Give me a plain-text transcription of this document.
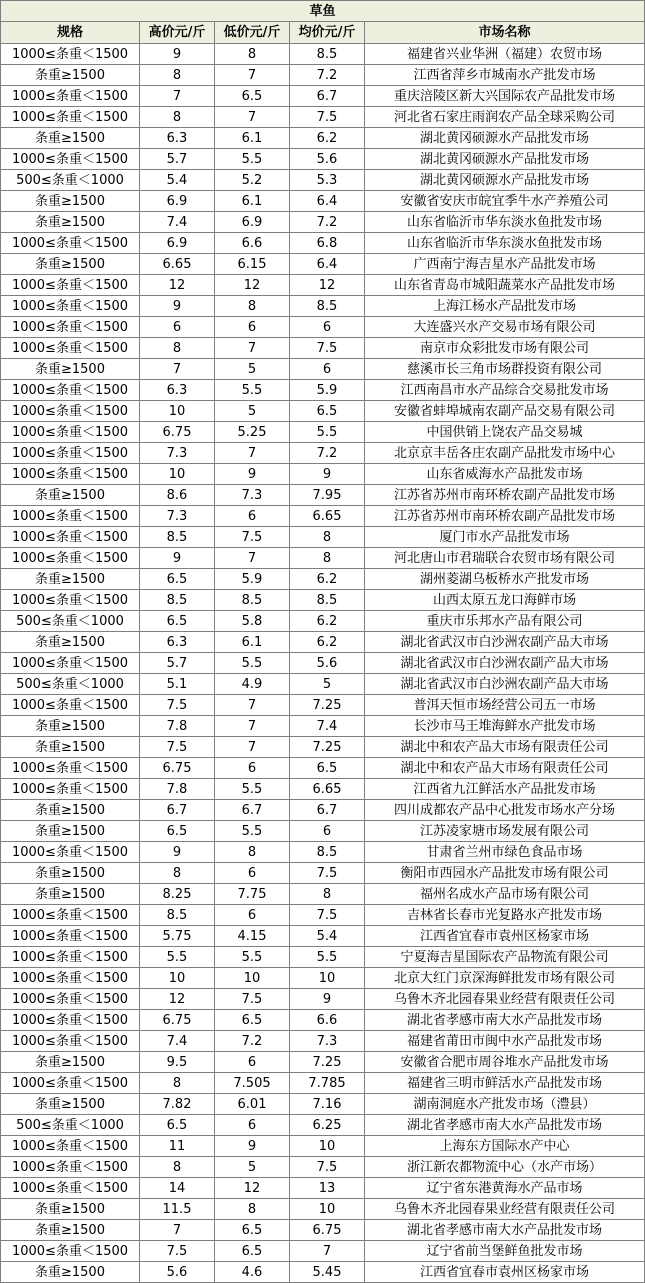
草鱼				
规格	高价元/斤	低价元/斤	均价元/斤	市场名称
1000≤条重＜1500	9	8	8.5	福建省兴业华洲（福建）农贸市场
条重≥1500	8	7	7.2	江西省萍乡市城南水产批发市场
1000≤条重＜1500	7	6.5	6.7	重庆涪陵区新大兴国际农产品批发市场
1000≤条重＜1500	8	7	7.5	河北省石家庄雨润农产品全球采购公司
条重≥1500	6.3	6.1	6.2	湖北黄冈硕源水产品批发市场
1000≤条重＜1500	5.7	5.5	5.6	湖北黄冈硕源水产品批发市场
500≤条重＜1000	5.4	5.2	5.3	湖北黄冈硕源水产品批发市场
条重≥1500	6.9	6.1	6.4	安徽省安庆市皖宜季牛水产养殖公司
条重≥1500	7.4	6.9	7.2	山东省临沂市华东淡水鱼批发市场
1000≤条重＜1500	6.9	6.6	6.8	山东省临沂市华东淡水鱼批发市场
条重≥1500	6.65	6.15	6.4	广西南宁海吉星水产品批发市场
1000≤条重＜1500	12	12	12	山东省青岛市城阳蔬菜水产品批发市场
1000≤条重＜1500	9	8	8.5	上海江杨水产品批发市场
1000≤条重＜1500	6	6	6	大连盛兴水产交易市场有限公司
1000≤条重＜1500	8	7	7.5	南京市众彩批发市场有限公司
条重≥1500	7	5	6	慈溪市长三角市场群投资有限公司
1000≤条重＜1500	6.3	5.5	5.9	江西南昌市水产品综合交易批发市场
1000≤条重＜1500	10	5	6.5	安徽省蚌埠城南农副产品交易有限公司
1000≤条重＜1500	6.75	5.25	5.5	中国供销上饶农产品交易城
1000≤条重＜1500	7.3	7	7.2	北京京丰岳各庄农副产品批发市场中心
1000≤条重＜1500	10	9	9	山东省威海水产品批发市场
条重≥1500	8.6	7.3	7.95	江苏省苏州市南环桥农副产品批发市场
1000≤条重＜1500	7.3	6	6.65	江苏省苏州市南环桥农副产品批发市场
1000≤条重＜1500	8.5	7.5	8	厦门市水产品批发市场
1000≤条重＜1500	9	7	8	河北唐山市君瑞联合农贸市场有限公司
条重≥1500	6.5	5.9	6.2	湖州菱湖乌板桥水产批发市场
1000≤条重＜1500	8.5	8.5	8.5	山西太原五龙口海鲜市场
500≤条重＜1000	6.5	5.8	6.2	重庆市乐邦水产品有限公司
条重≥1500	6.3	6.1	6.2	湖北省武汉市白沙洲农副产品大市场
1000≤条重＜1500	5.7	5.5	5.6	湖北省武汉市白沙洲农副产品大市场
500≤条重＜1000	5.1	4.9	5	湖北省武汉市白沙洲农副产品大市场
1000≤条重＜1500	7.5	7	7.25	普洱天恒市场经营公司五一市场
条重≥1500	7.8	7	7.4	长沙市马王堆海鲜水产批发市场
条重≥1500	7.5	7	7.25	湖北中和农产品大市场有限责任公司
1000≤条重＜1500	6.75	6	6.5	湖北中和农产品大市场有限责任公司
1000≤条重＜1500	7.8	5.5	6.65	江西省九江鲜活水产品批发市场
条重≥1500	6.7	6.7	6.7	四川成都农产品中心批发市场水产分场
条重≥1500	6.5	5.5	6	江苏凌家塘市场发展有限公司
1000≤条重＜1500	9	8	8.5	甘肃省兰州市绿色食品市场
条重≥1500	8	6	7.5	衡阳市西园水产品批发市场有限公司
条重≥1500	8.25	7.75	8	福州名成水产品市场有限公司
1000≤条重＜1500	8.5	6	7.5	吉林省长春市光复路水产批发市场
1000≤条重＜1500	5.75	4.15	5.4	江西省宜春市袁州区杨家市场
1000≤条重＜1500	5.5	5.5	5.5	宁夏海吉星国际农产品物流有限公司
1000≤条重＜1500	10	10	10	北京大红门京深海鲜批发市场有限公司
1000≤条重＜1500	12	7.5	9	乌鲁木齐北园春果业经营有限责任公司
1000≤条重＜1500	6.75	6.5	6.6	湖北省孝感市南大水产品批发市场
1000≤条重＜1500	7.4	7.2	7.3	福建省莆田市闽中水产品批发市场
条重≥1500	9.5	6	7.25	安徽省合肥市周谷堆水产品批发市场
1000≤条重＜1500	8	7.505	7.785	福建省三明市鲜活水产品批发市场
条重≥1500	7.82	6.01	7.16	湖南洞庭水产批发市场（澧县）
500≤条重＜1000	6.5	6	6.25	湖北省孝感市南大水产品批发市场
1000≤条重＜1500	11	9	10	上海东方国际水产中心
1000≤条重＜1500	8	5	7.5	浙江新农都物流中心（水产市场）
1000≤条重＜1500	14	12	13	辽宁省东港黄海水产品市场
条重≥1500	11.5	8	10	乌鲁木齐北园春果业经营有限责任公司
条重≥1500	7	6.5	6.75	湖北省孝感市南大水产品批发市场
1000≤条重＜1500	7.5	6.5	7	辽宁省前当堡鲜鱼批发市场
条重≥1500	5.6	4.6	5.45	江西省宜春市袁州区杨家市场
